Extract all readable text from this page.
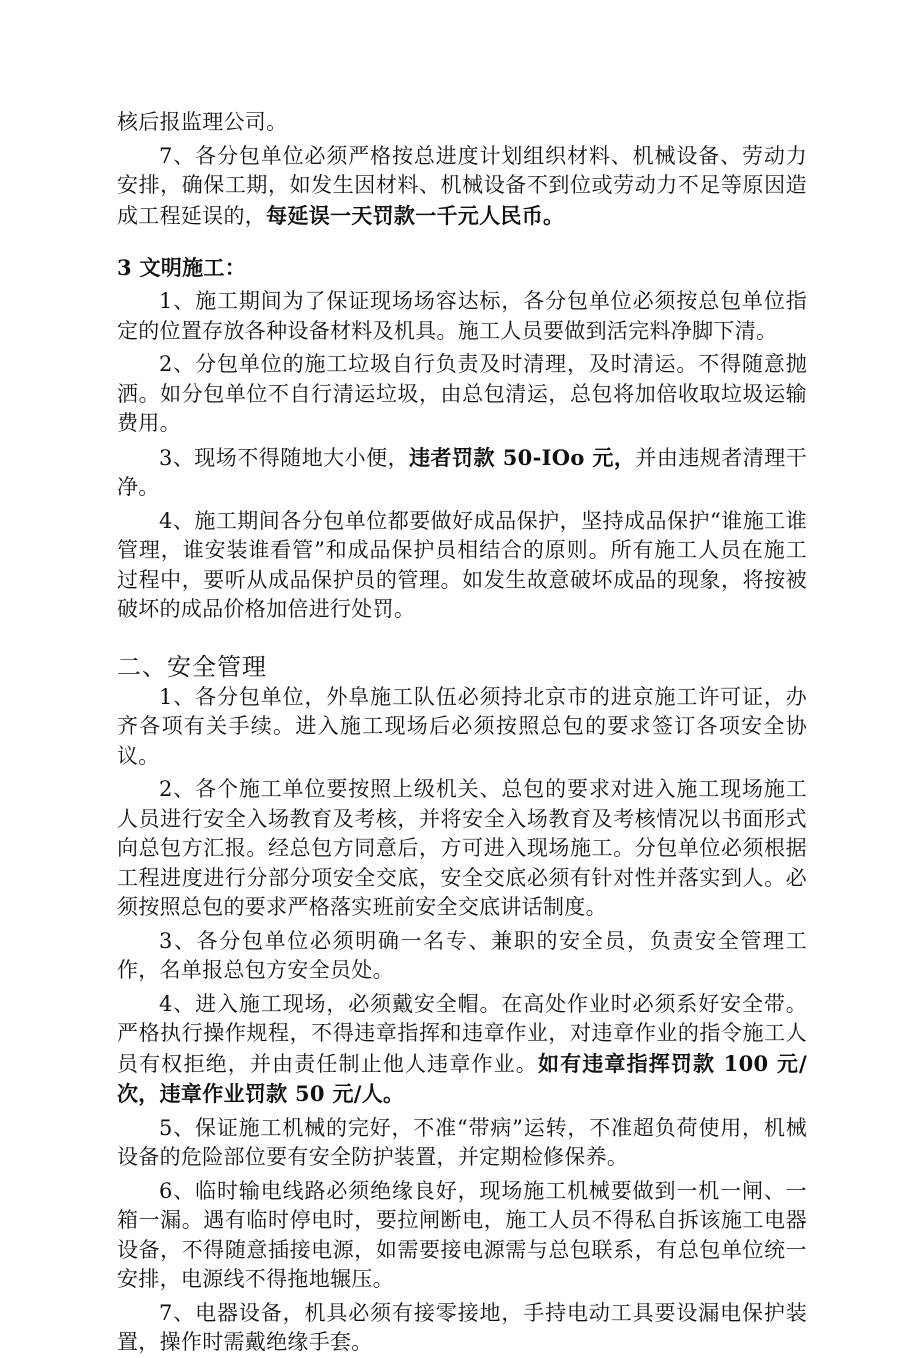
核后报监理公司。

7、各分包单位必须严格按总进度计划组织材料、机械设备、劳动力安排，确保工期，如发生因材料、机械设备不到位或劳动力不足等原因造成工程延误的，每延误一天罚款一千元人民币。

3 文明施工：

1、施工期间为了保证现场场容达标，各分包单位必须按总包单位指定的位置存放各种设备材料及机具。施工人员要做到活完料净脚下清。

2、分包单位的施工垃圾自行负责及时清理，及时清运。不得随意抛洒。如分包单位不自行清运垃圾，由总包清运，总包将加倍收取垃圾运输费用。

3、现场不得随地大小便，违者罚款 50-IOo 元，并由违规者清理干净。

4、施工期间各分包单位都要做好成品保护，坚持成品保护“谁施工谁管理，谁安装谁看管”和成品保护员相结合的原则。所有施工人员在施工过程中，要听从成品保护员的管理。如发生故意破坏成品的现象，将按被破坏的成品价格加倍进行处罚。

二、安全管理

1、各分包单位，外阜施工队伍必须持北京市的进京施工许可证，办齐各项有关手续。进入施工现场后必须按照总包的要求签订各项安全协议。

2、各个施工单位要按照上级机关、总包的要求对进入施工现场施工人员进行安全入场教育及考核，并将安全入场教育及考核情况以书面形式向总包方汇报。经总包方同意后，方可进入现场施工。分包单位必须根据工程进度进行分部分项安全交底，安全交底必须有针对性并落实到人。必须按照总包的要求严格落实班前安全交底讲话制度。

3、各分包单位必须明确一名专、兼职的安全员，负责安全管理工作，名单报总包方安全员处。

4、进入施工现场，必须戴安全帽。在高处作业时必须系好安全带。严格执行操作规程，不得违章指挥和违章作业，对违章作业的指令施工人员有权拒绝，并由责任制止他人违章作业。如有违章指挥罚款 100 元/次，违章作业罚款 50 元/人。

5、保证施工机械的完好，不准“带病”运转，不准超负荷使用，机械设备的危险部位要有安全防护装置，并定期检修保养。

6、临时输电线路必须绝缘良好，现场施工机械要做到一机一闸、一箱一漏。遇有临时停电时，要拉闸断电，施工人员不得私自拆该施工电器设备，不得随意插接电源，如需要接电源需与总包联系，有总包单位统一安排，电源线不得拖地辗压。

7、电器设备，机具必须有接零接地，手持电动工具要设漏电保护装置，操作时需戴绝缘手套。
